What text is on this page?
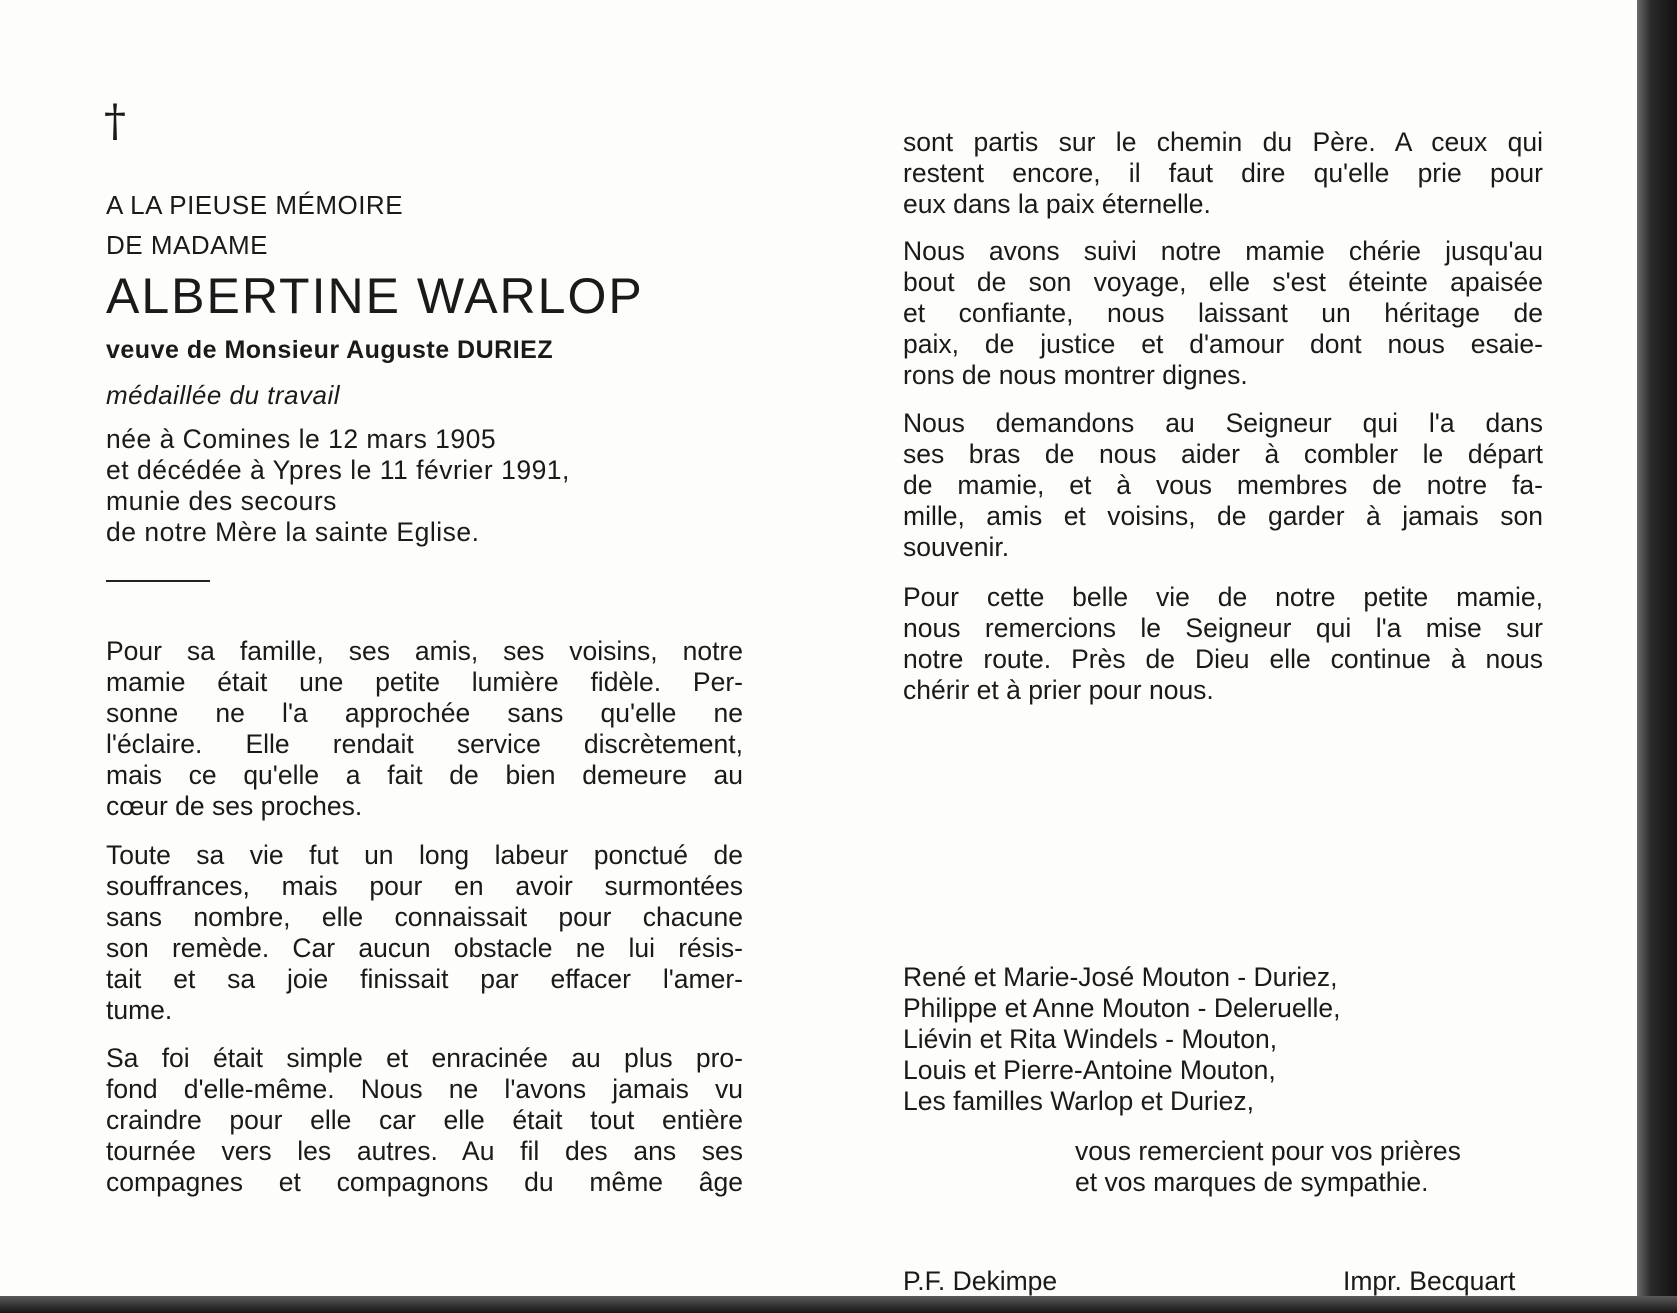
†
A LA PIEUSE MÉMOIRE
DE MADAME
ALBERTINE WARLOP
veuve de Monsieur Auguste DURIEZ
médaillée du travail
née à Comines le 12 mars 1905
et décédée à Ypres le 11 février 1991,
munie des secours
de notre Mère la sainte Eglise.
Pour sa famille, ses amis, ses voisins, notre
mamie était une petite lumière fidèle. Per-
sonne ne l'a approchée sans qu'elle ne
l'éclaire. Elle rendait service discrètement,
mais ce qu'elle a fait de bien demeure au
cœur de ses proches.
Toute sa vie fut un long labeur ponctué de
souffrances, mais pour en avoir surmontées
sans nombre, elle connaissait pour chacune
son remède. Car aucun obstacle ne lui résis-
tait et sa joie finissait par effacer l'amer-
tume.
Sa foi était simple et enracinée au plus pro-
fond d'elle-même. Nous ne l'avons jamais vu
craindre pour elle car elle était tout entière
tournée vers les autres. Au fil des ans ses
compagnes et compagnons du même âge
sont partis sur le chemin du Père. A ceux qui
restent encore, il faut dire qu'elle prie pour
eux dans la paix éternelle.
Nous avons suivi notre mamie chérie jusqu'au
bout de son voyage, elle s'est éteinte apaisée
et confiante, nous laissant un héritage de
paix, de justice et d'amour dont nous esaie-
rons de nous montrer dignes.
Nous demandons au Seigneur qui l'a dans
ses bras de nous aider à combler le départ
de mamie, et à vous membres de notre fa-
mille, amis et voisins, de garder à jamais son
souvenir.
Pour cette belle vie de notre petite mamie,
nous remercions le Seigneur qui l'a mise sur
notre route. Près de Dieu elle continue à nous
chérir et à prier pour nous.
René et Marie-José Mouton - Duriez,
Philippe et Anne Mouton - Deleruelle,
Liévin et Rita Windels - Mouton,
Louis et Pierre-Antoine Mouton,
Les familles Warlop et Duriez,
vous remercient pour vos prières
et vos marques de sympathie.
P.F. Dekimpe	Impr. Becquart
